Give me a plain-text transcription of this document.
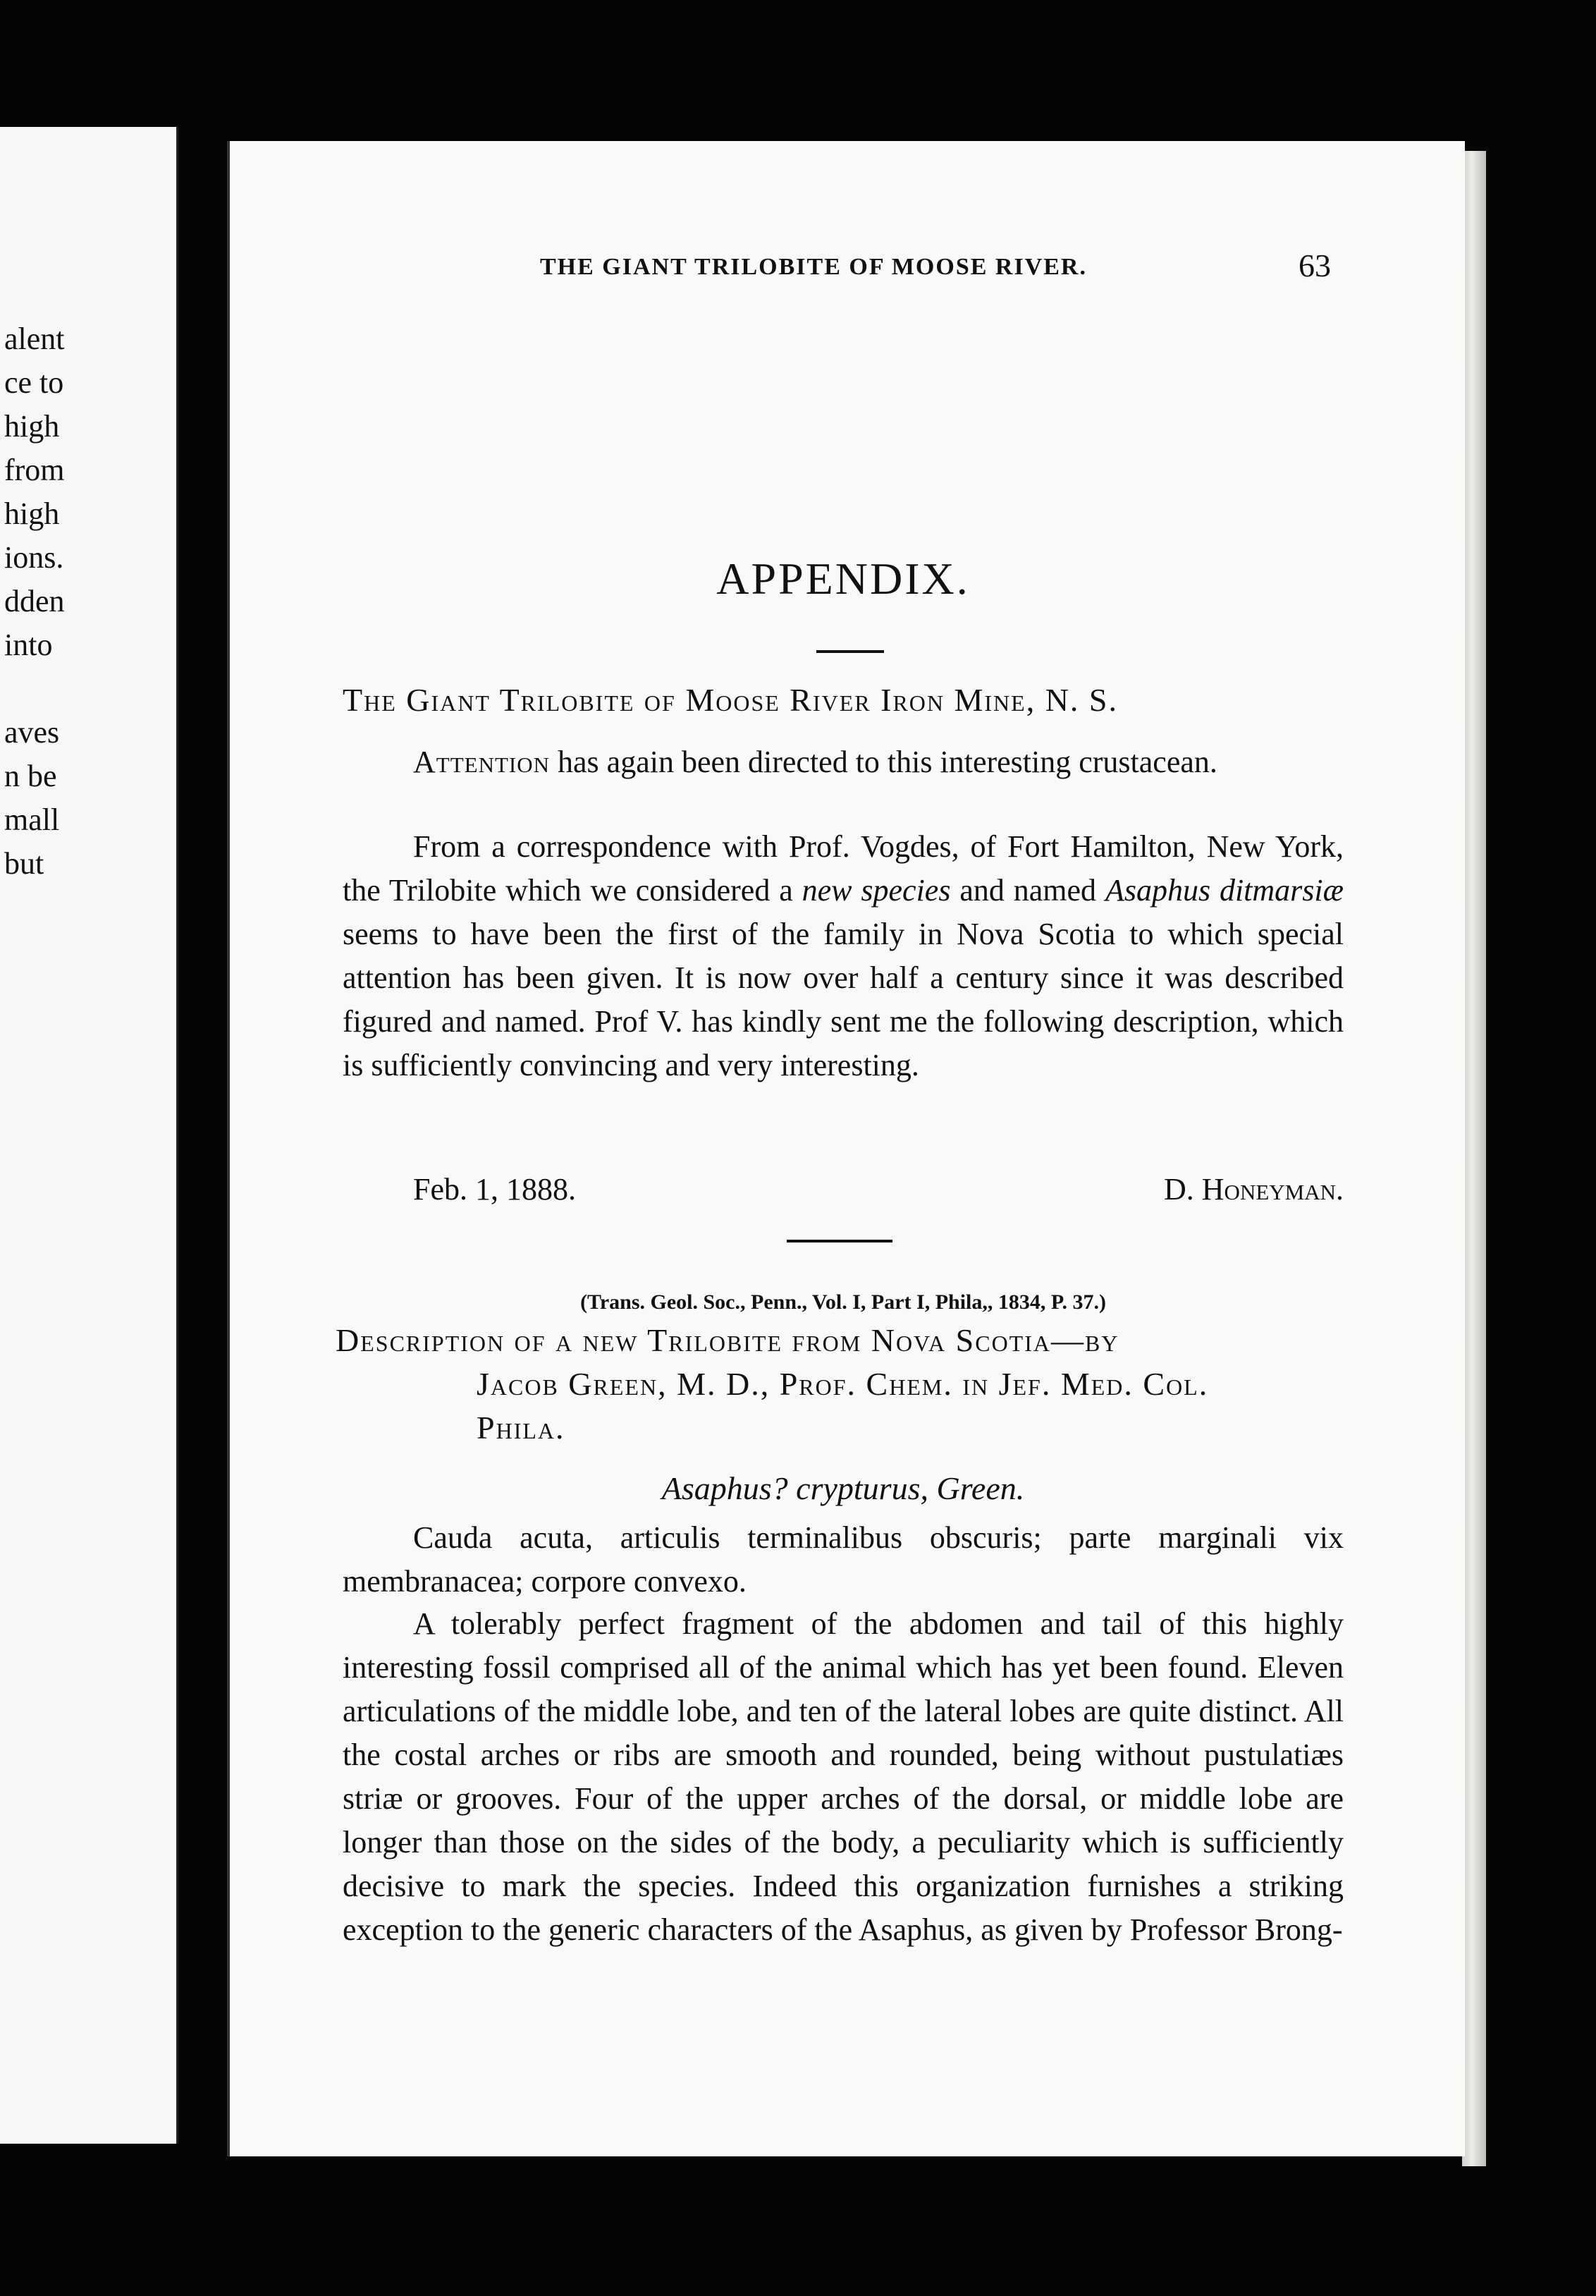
alent
ce to
high
from
high
ions.
dden
into
aves
n be
mall
but
THE GIANT TRILOBITE OF MOOSE RIVER.	63
APPENDIX.
The Giant Trilobite of Moose River Iron Mine, N. S.
Attention has again been directed to this interesting crustacean.
From a correspondence with Prof. Vogdes, of Fort Hamilton, New York, the Trilobite which we considered a new species and named Asaphus ditmarsiæ seems to have been the first of the family in Nova Scotia to which special attention has been given. It is now over half a century since it was described figured and named. Prof V. has kindly sent me the following description, which is sufficiently convincing and very interesting.
Feb. 1, 1888.	D. Honeyman.
(Trans. Geol. Soc., Penn., Vol. I, Part I, Phila,, 1834, P. 37.)
Description of a new Trilobite from Nova Scotia—by
Jacob Green, M. D., Prof. Chem. in Jef. Med. Col.
Phila.
Asaphus? crypturus, Green.
Cauda acuta, articulis terminalibus obscuris; parte marginali vix membranacea; corpore convexo.
A tolerably perfect fragment of the abdomen and tail of this highly interesting fossil comprised all of the animal which has yet been found. Eleven articulations of the middle lobe, and ten of the lateral lobes are quite distinct. All the costal arches or ribs are smooth and rounded, being without pustulatiæs striæ or grooves. Four of the upper arches of the dorsal, or middle lobe are longer than those on the sides of the body, a peculiarity which is sufficiently decisive to mark the species. Indeed this organization furnishes a striking exception to the generic characters of the Asaphus, as given by Professor Brong-
